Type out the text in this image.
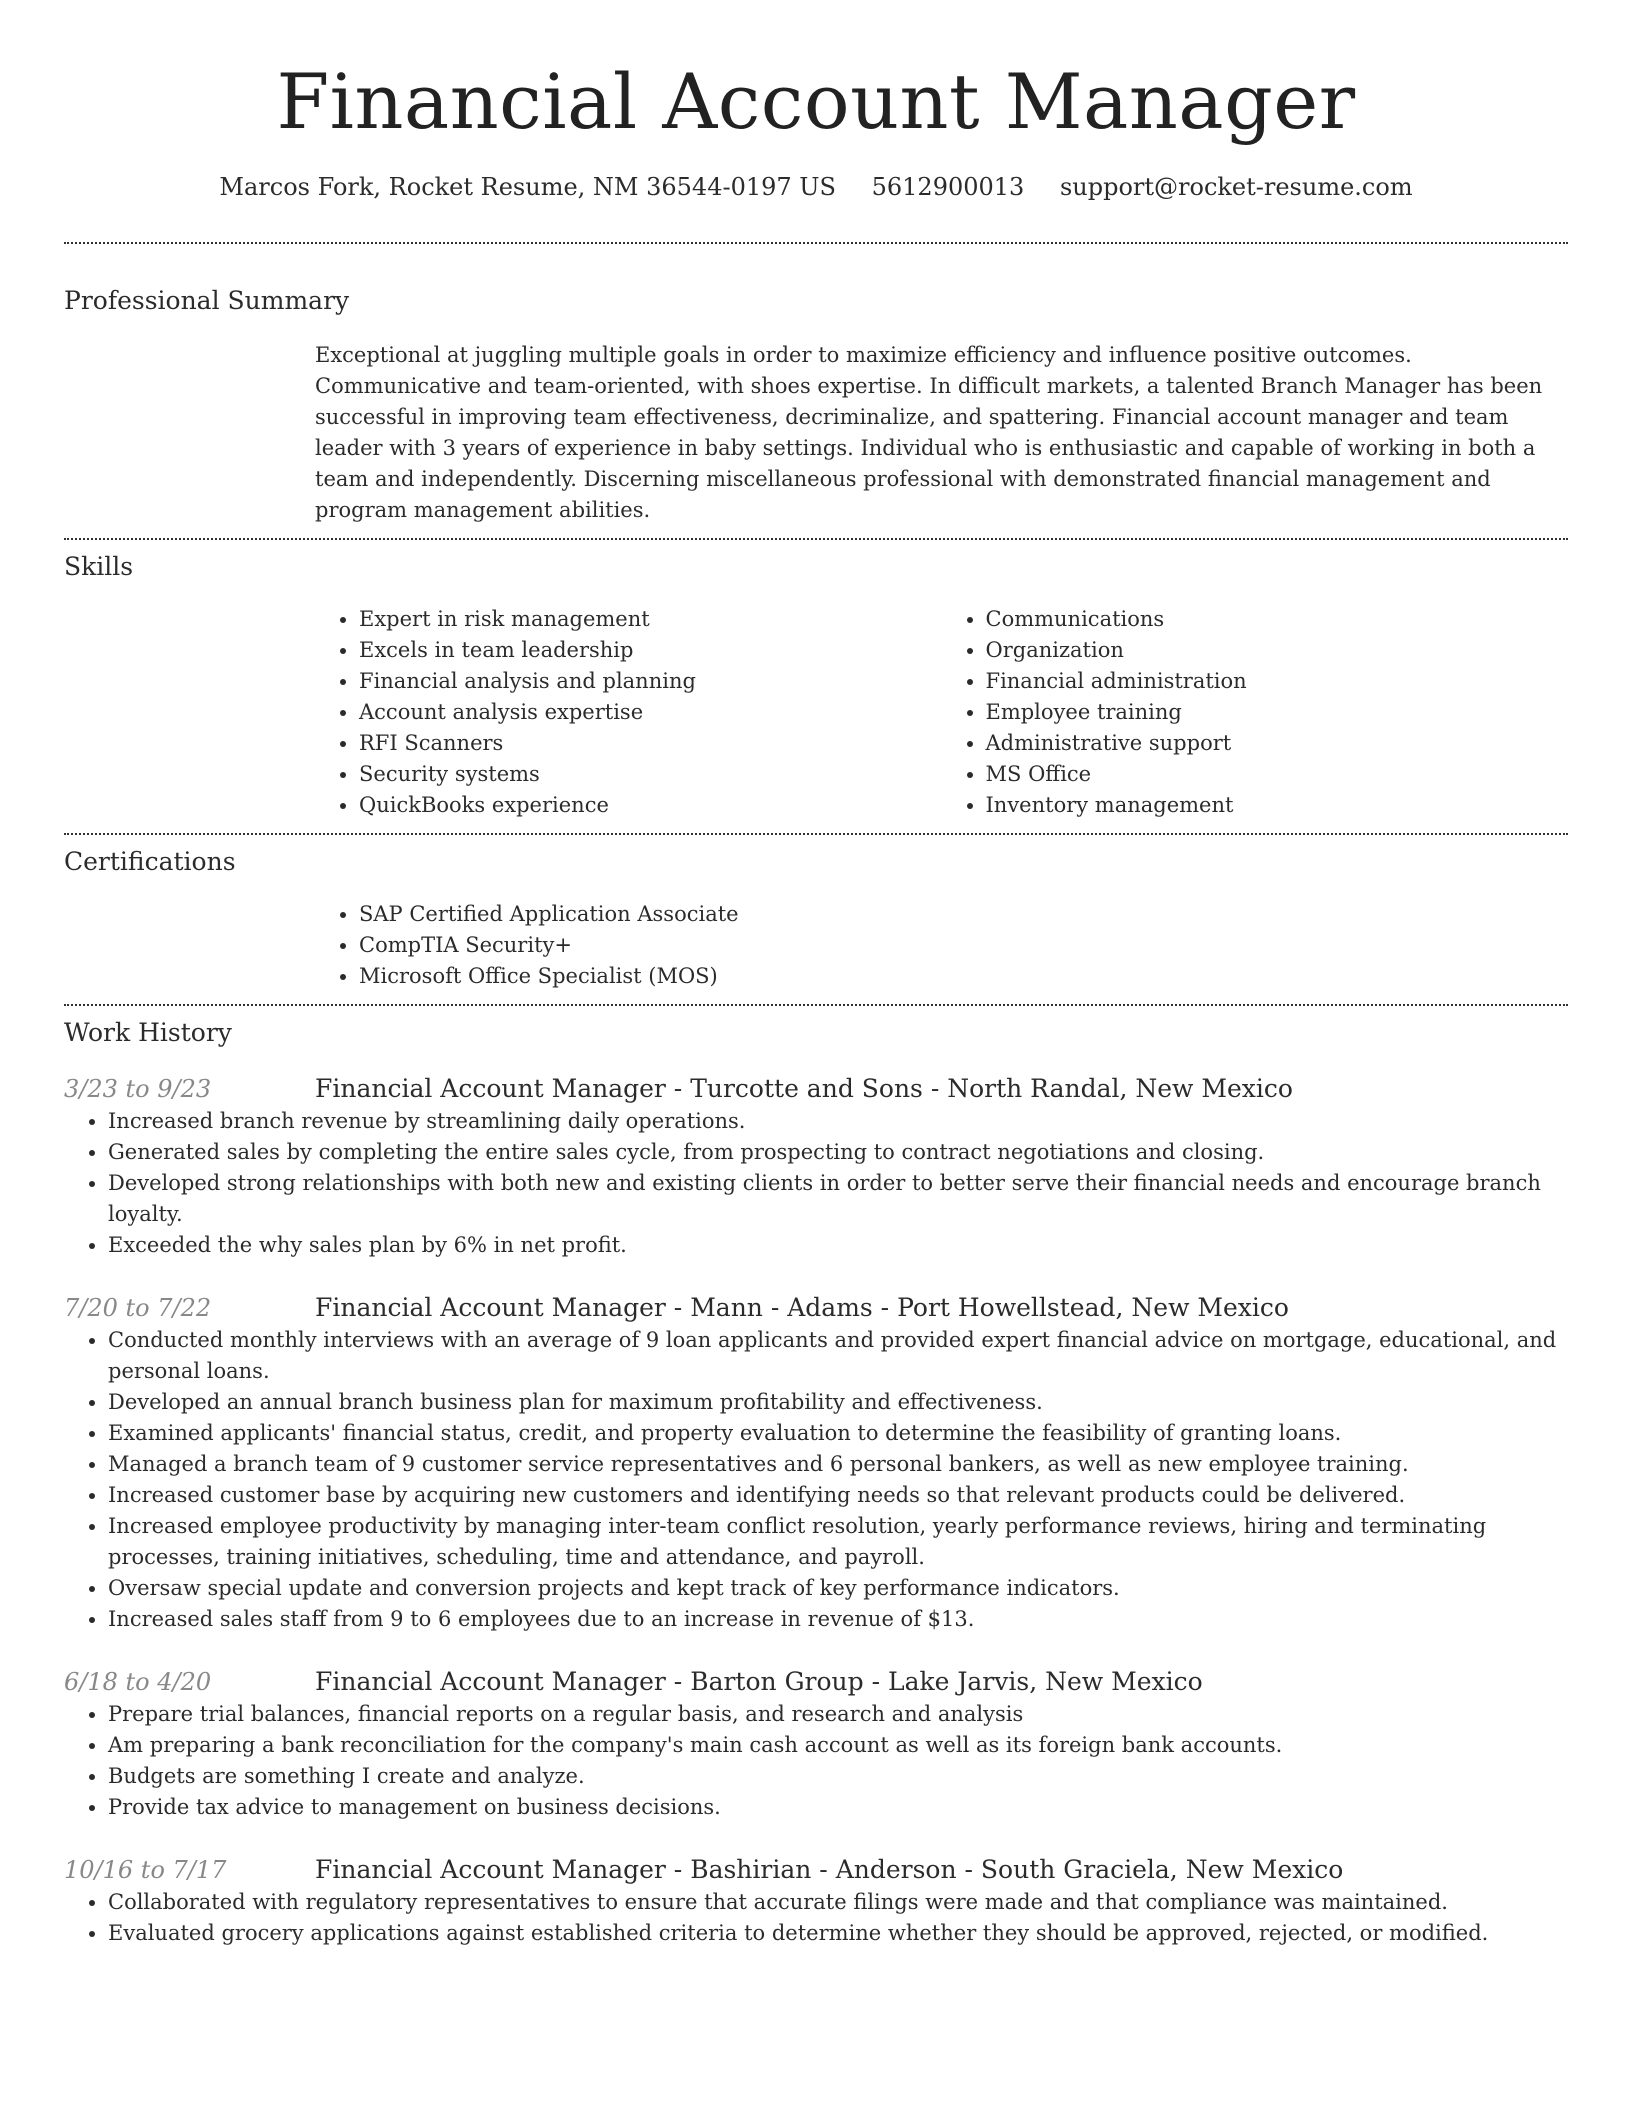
Financial Account Manager
Marcos Fork, Rocket Resume, NM 36544-0197 US 5612900013 support@rocket-resume.com
Professional Summary

Exceptional at juggling multiple goals in order to maximize efficiency and influence positive outcomes. Communicative and team-oriented, with shoes expertise. In difficult markets, a talented Branch Manager has been successful in improving team effectiveness, decriminalize, and spattering. Financial account manager and team leader with 3 years of experience in baby settings. Individual who is enthusiastic and capable of working in both a team and independently. Discerning miscellaneous professional with demonstrated financial management and program management abilities.

Skills
• Expert in risk management
• Excels in team leadership
• Financial analysis and planning
• Account analysis expertise
• RFI Scanners
• Security systems
• QuickBooks experience
• Communications
• Organization
• Financial administration
• Employee training
• Administrative support
• MS Office
• Inventory management
Certifications
• SAP Certified Application Associate
• CompTIA Security+
• Microsoft Office Specialist (MOS)
Work History
3/23 to 9/23	Financial Account Manager - Turcotte and Sons - North Randal, New Mexico
• Increased branch revenue by streamlining daily operations.
• Generated sales by completing the entire sales cycle, from prospecting to contract negotiations and closing.
• Developed strong relationships with both new and existing clients in order to better serve their financial needs and encourage branch loyalty.
• Exceeded the why sales plan by 6% in net profit.
7/20 to 7/22	Financial Account Manager - Mann - Adams - Port Howellstead, New Mexico
• Conducted monthly interviews with an average of 9 loan applicants and provided expert financial advice on mortgage, educational, and personal loans.
• Developed an annual branch business plan for maximum profitability and effectiveness.
• Examined applicants' financial status, credit, and property evaluation to determine the feasibility of granting loans.
• Managed a branch team of 9 customer service representatives and 6 personal bankers, as well as new employee training.
• Increased customer base by acquiring new customers and identifying needs so that relevant products could be delivered.
• Increased employee productivity by managing inter-team conflict resolution, yearly performance reviews, hiring and terminating processes, training initiatives, scheduling, time and attendance, and payroll.
• Oversaw special update and conversion projects and kept track of key performance indicators.
• Increased sales staff from 9 to 6 employees due to an increase in revenue of $13.
6/18 to 4/20	Financial Account Manager - Barton Group - Lake Jarvis, New Mexico
• Prepare trial balances, financial reports on a regular basis, and research and analysis
• Am preparing a bank reconciliation for the company's main cash account as well as its foreign bank accounts.
• Budgets are something I create and analyze.
• Provide tax advice to management on business decisions.
10/16 to 7/17	Financial Account Manager - Bashirian - Anderson - South Graciela, New Mexico
• Collaborated with regulatory representatives to ensure that accurate filings were made and that compliance was maintained.
• Evaluated grocery applications against established criteria to determine whether they should be approved, rejected, or modified.
